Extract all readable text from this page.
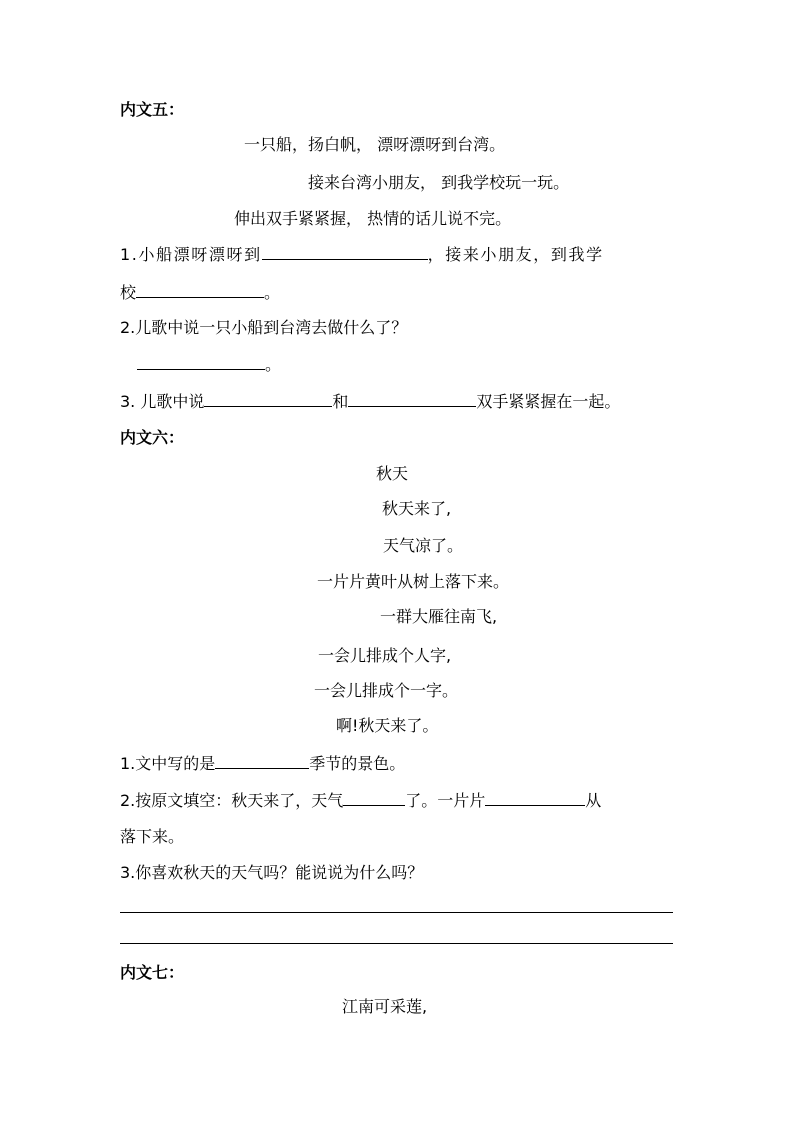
内文五：
一只船，扬白帆， 漂呀漂呀到台湾。
接来台湾小朋友， 到我学校玩一玩。
伸出双手紧紧握， 热情的话儿说不完。
1.小船漂呀漂呀到	，接来小朋友，到我学
校	。
2.儿歌中说一只小船到台湾去做什么了？
。
3. 儿歌中说	和	双手紧紧握在一起。
内文六：
秋天
秋天来了,
天气凉了。
一片片黄叶从树上落下来。
一群大雁往南飞,
一会儿排成个人字,
一会儿排成个一字。
啊!秋天来了。
1.文中写的是	季节的景色。
2.按原文填空：秋天来了，天气	了。一片片	从
落下来。
3.你喜欢秋天的天气吗？能说说为什么吗？
内文七：
江南可采莲,
